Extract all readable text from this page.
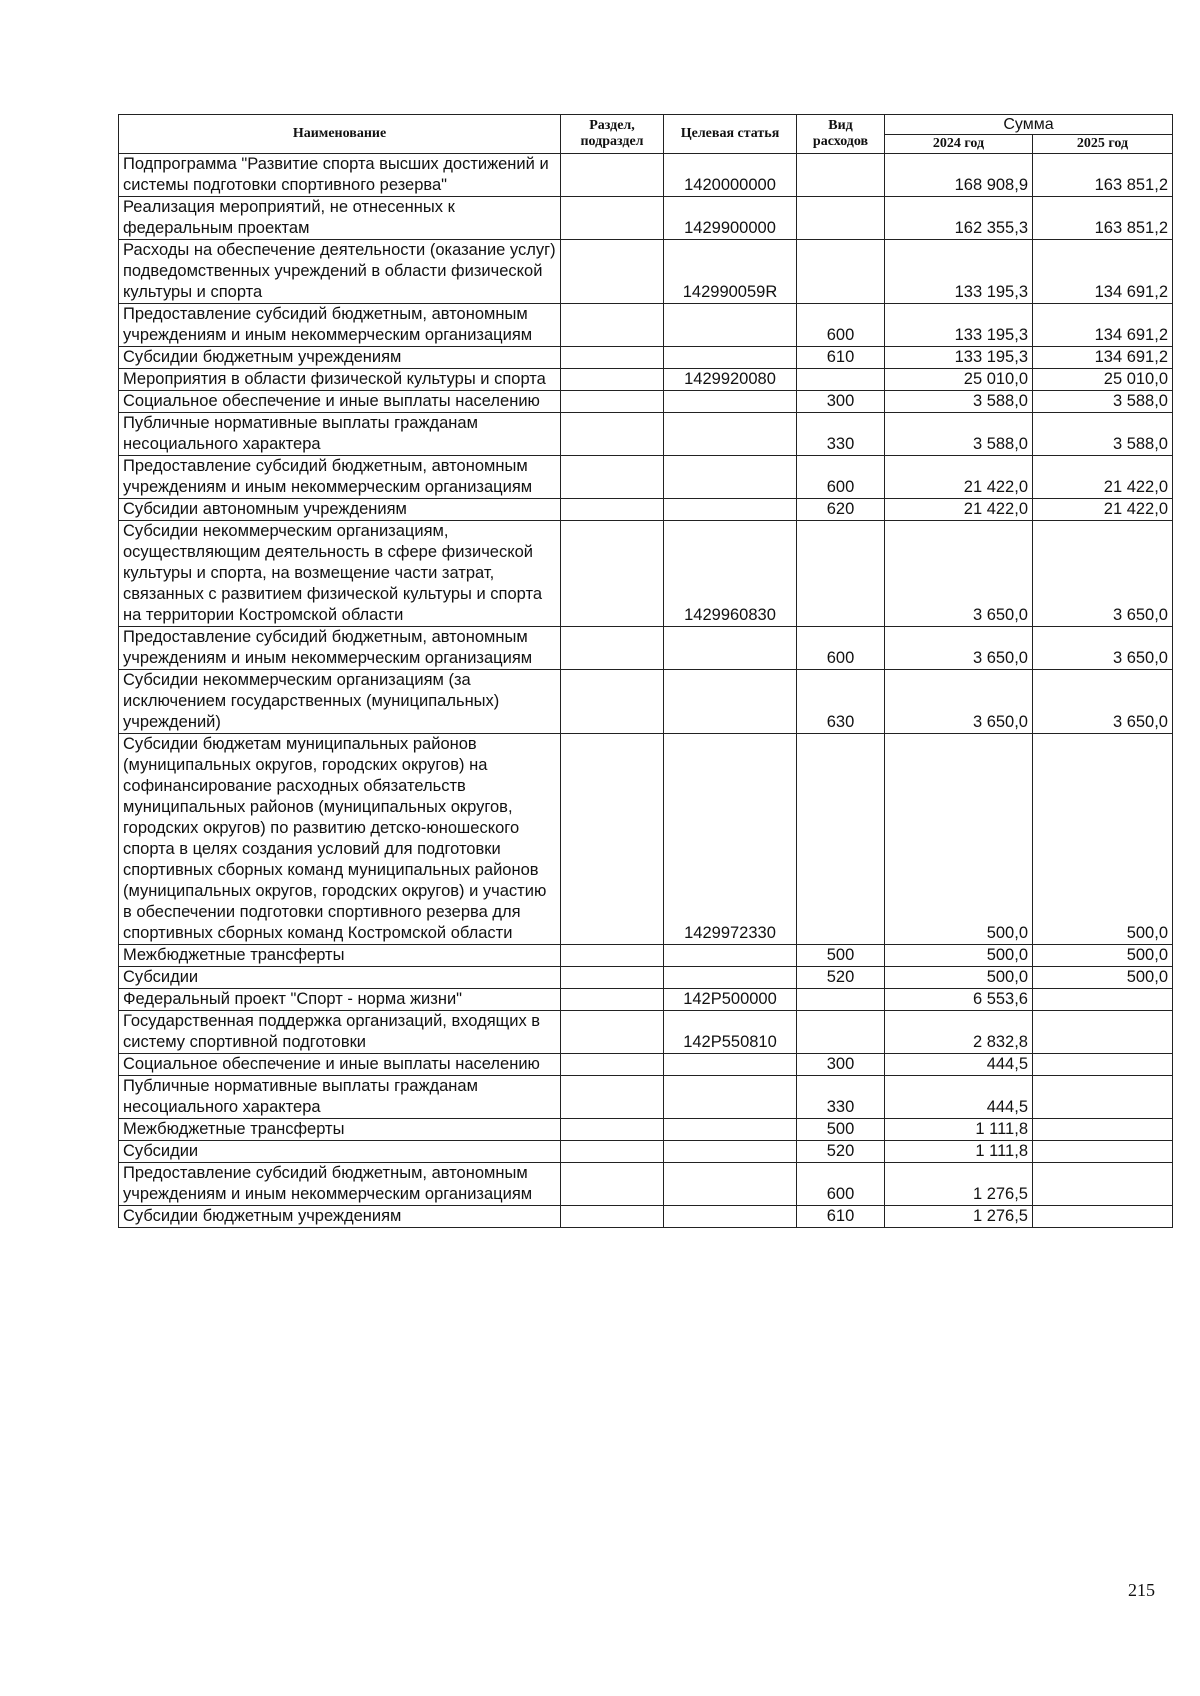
Наименование	Раздел, подраздел	Целевая статья	Вид расходов	Сумма	
				2024 год	2025 год
Подпрограмма "Развитие спорта высших достижений и системы подготовки спортивного резерва"		1420000000		168 908,9	163 851,2
Реализация мероприятий, не отнесенных к федеральным проектам		1429900000		162 355,3	163 851,2
Расходы на обеспечение деятельности (оказание услуг) подведомственных учреждений в области физической культуры и спорта		142990059R		133 195,3	134 691,2
Предоставление субсидий бюджетным, автономным учреждениям и иным некоммерческим организациям			600	133 195,3	134 691,2
Субсидии бюджетным учреждениям			610	133 195,3	134 691,2
Мероприятия в области физической культуры и спорта		1429920080		25 010,0	25 010,0
Социальное обеспечение и иные выплаты населению			300	3 588,0	3 588,0
Публичные нормативные выплаты гражданам несоциального характера			330	3 588,0	3 588,0
Предоставление субсидий бюджетным, автономным учреждениям и иным некоммерческим организациям			600	21 422,0	21 422,0
Субсидии автономным учреждениям			620	21 422,0	21 422,0
Субсидии некоммерческим организациям, осуществляющим деятельность в сфере физической культуры и спорта, на возмещение части затрат, связанных с развитием физической культуры и спорта на территории Костромской области		1429960830		3 650,0	3 650,0
Предоставление субсидий бюджетным, автономным учреждениям и иным некоммерческим организациям			600	3 650,0	3 650,0
Субсидии некоммерческим организациям (за исключением государственных (муниципальных) учреждений)			630	3 650,0	3 650,0
Субсидии бюджетам муниципальных районов (муниципальных округов, городских округов) на софинансирование расходных обязательств муниципальных районов (муниципальных округов, городских округов) по развитию детско-юношеского спорта в целях создания условий для подготовки спортивных сборных команд муниципальных районов (муниципальных округов, городских округов) и участию в обеспечении подготовки спортивного резерва для спортивных сборных команд Костромской области		1429972330		500,0	500,0
Межбюджетные трансферты			500	500,0	500,0
Субсидии			520	500,0	500,0
Федеральный проект "Спорт - норма жизни"		142Р500000		6 553,6	
Государственная поддержка организаций, входящих в систему спортивной подготовки		142Р550810		2 832,8	
Социальное обеспечение и иные выплаты населению			300	444,5	
Публичные нормативные выплаты гражданам несоциального характера			330	444,5	
Межбюджетные трансферты			500	1 111,8	
Субсидии			520	1 111,8	
Предоставление субсидий бюджетным, автономным учреждениям и иным некоммерческим организациям			600	1 276,5	
Субсидии бюджетным учреждениям			610	1 276,5	
215
